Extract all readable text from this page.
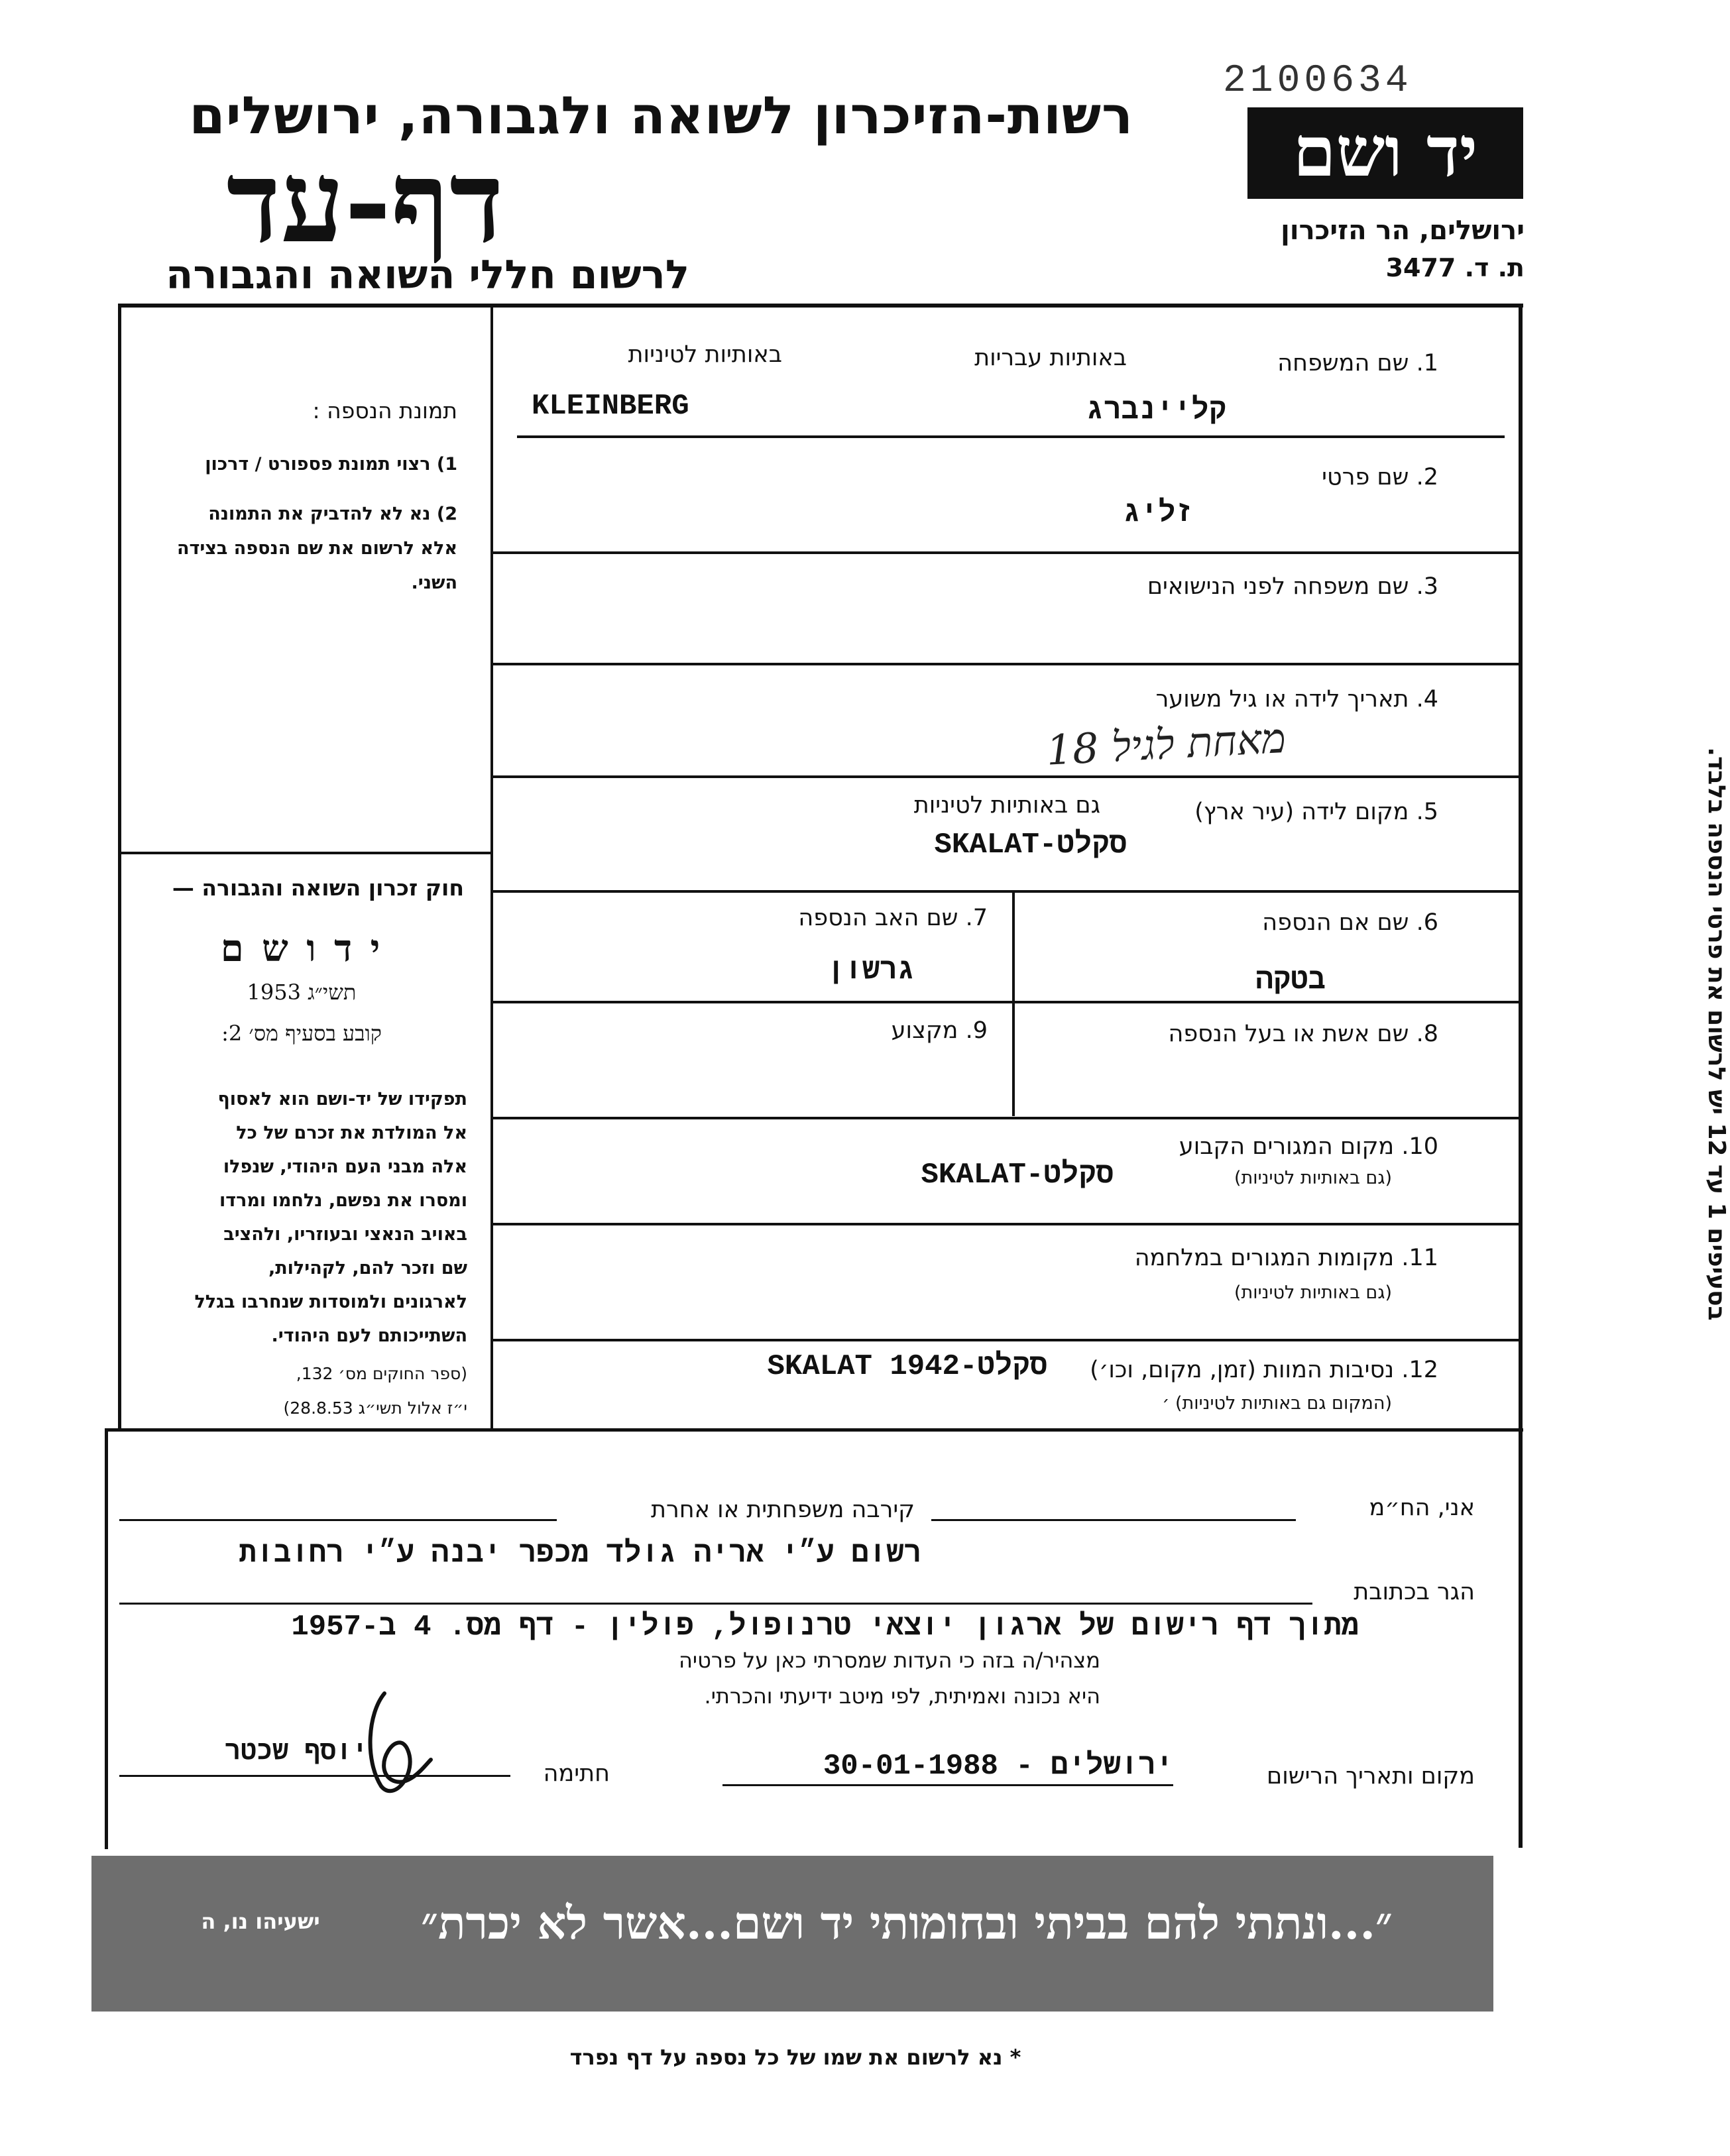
2100634
יד ושם
ירושלים, הר הזיכרון
ת. ד. 3477
רשות-הזיכרון לשואה ולגבורה, ירושלים
דף-עד
לרשום חללי השואה והגבורה
תמונת הנספה :
1) רצוי תמונת פספורט / דרכון
2) נא לא להדביק את התמונה
אלא לרשום את שם הנספה בצידה
השני.
חוק זכרון השואה והגבורה —
י ד ו ש ם
תשי״ג 1953
קובע בסעיף מס׳ 2:
תפקידו של יד-ושם הוא לאסוף
אל המולדת את זכרם של כל
אלה מבני העם היהודי, שנפלו
ומסרו את נפשם, נלחמו ומרדו
באויב הנאצי ובעוזריו, ולהציב
שם וזכר להם, לקהילות,
לארגונים ולמוסדות שנחרבו בגלל
השתייכותם לעם היהודי.
(ספר החוקים מס׳ 132,
י״ז אלול תשי״ג 28.8.53)
בסעיפים 1 עד 12 יש לרשום את פרטי הנספה בלבד.
1. שם המשפחה
באותיות עבריות
באותיות לטיניות
קליינברג
KLEINBERG
2. שם פרטי
זליג
3. שם משפחה לפני הנישואים
4. תאריך לידה או גיל משוער
מאחת לגיל 18
5. מקום לידה (עיר ארץ)
גם באותיות לטיניות
סקלט-SKALAT
6. שם אם הנספה
בטקה
7. שם האב הנספה
גרשון
8. שם אשת או בעל הנספה
9. מקצוע
10. מקום המגורים הקבוע
(גם באותיות לטיניות)
סקלט-SKALAT
11. מקומות המגורים במלחמה
(גם באותיות לטיניות)
12. נסיבות המוות (זמן, מקום, וכו׳)
(המקום גם באותיות לטיניות) ׳
סקלט-SKALAT 1942
אני, הח״מ
קירבה משפחתית או אחרת
רשום ע״י אריה גולד מכפר יבנה ע״י רחובות
הגר בכתובת
מתוך דף רישום של ארגון יוצאי טרנופול, פולין - דף מס. 4 ב-1957
מצהיר/ה בזה כי העדות שמסרתי כאן על פרטיה
היא נכונה ואמיתית, לפי מיטב ידיעתי והכרתי.
מקום ותאריך הרישום
ירושלים - 30-01-1988
חתימה
יוסף שכטר
״...ונתתי להם בביתי ובחומותי יד ושם...אשר לא יכרת״
ישעיהו נו, ה
* נא לרשום את שמו של כל נספה על דף נפרד
